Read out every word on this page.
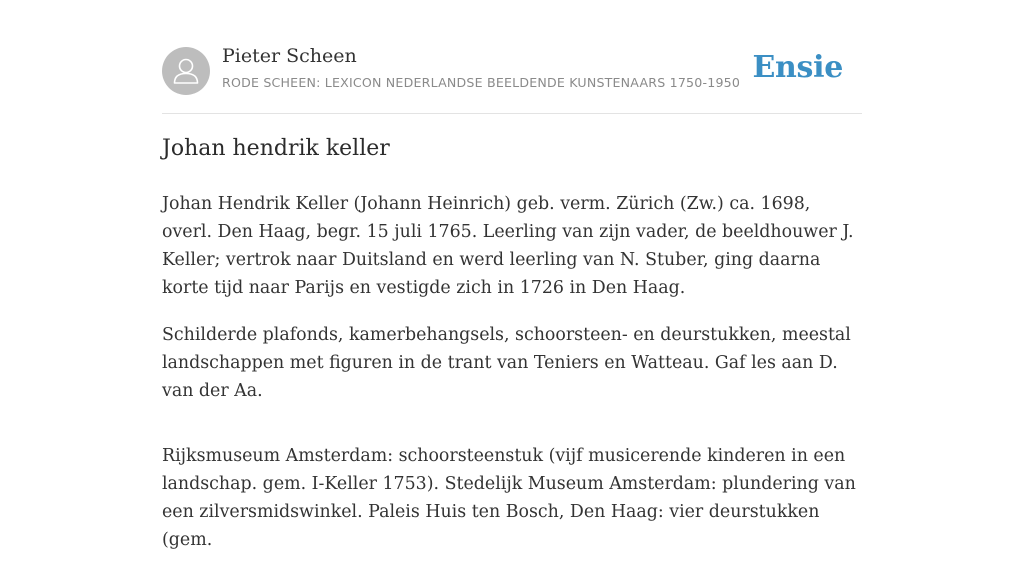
Pieter Scheen
RODE SCHEEN: LEXICON NEDERLANDSE BEELDENDE KUNSTENAARS 1750-1950 Ensie
Johan hendrik keller

Johan Hendrik Keller (Johann Heinrich) geb. verm. Zürich (Zw.) ca. 1698, overl. Den Haag, begr. 15 juli 1765. Leerling van zijn vader, de beeldhouwer J. Keller; vertrok naar Duitsland en werd leerling van N. Stuber, ging daarna korte tijd naar Parijs en vestigde zich in 1726 in Den Haag.

Schilderde plafonds, kamerbehangsels, schoorsteen- en deurstukken, meestal landschappen met figuren in de trant van Teniers en Watteau. Gaf les aan D. van der Aa.

Rijksmuseum Amsterdam: schoorsteenstuk (vijf musicerende kinderen in een landschap. gem. I-Keller 1753). Stedelijk Museum Amsterdam: plundering van een zilversmidswinkel. Paleis Huis ten Bosch, Den Haag: vier deurstukken (gem.
